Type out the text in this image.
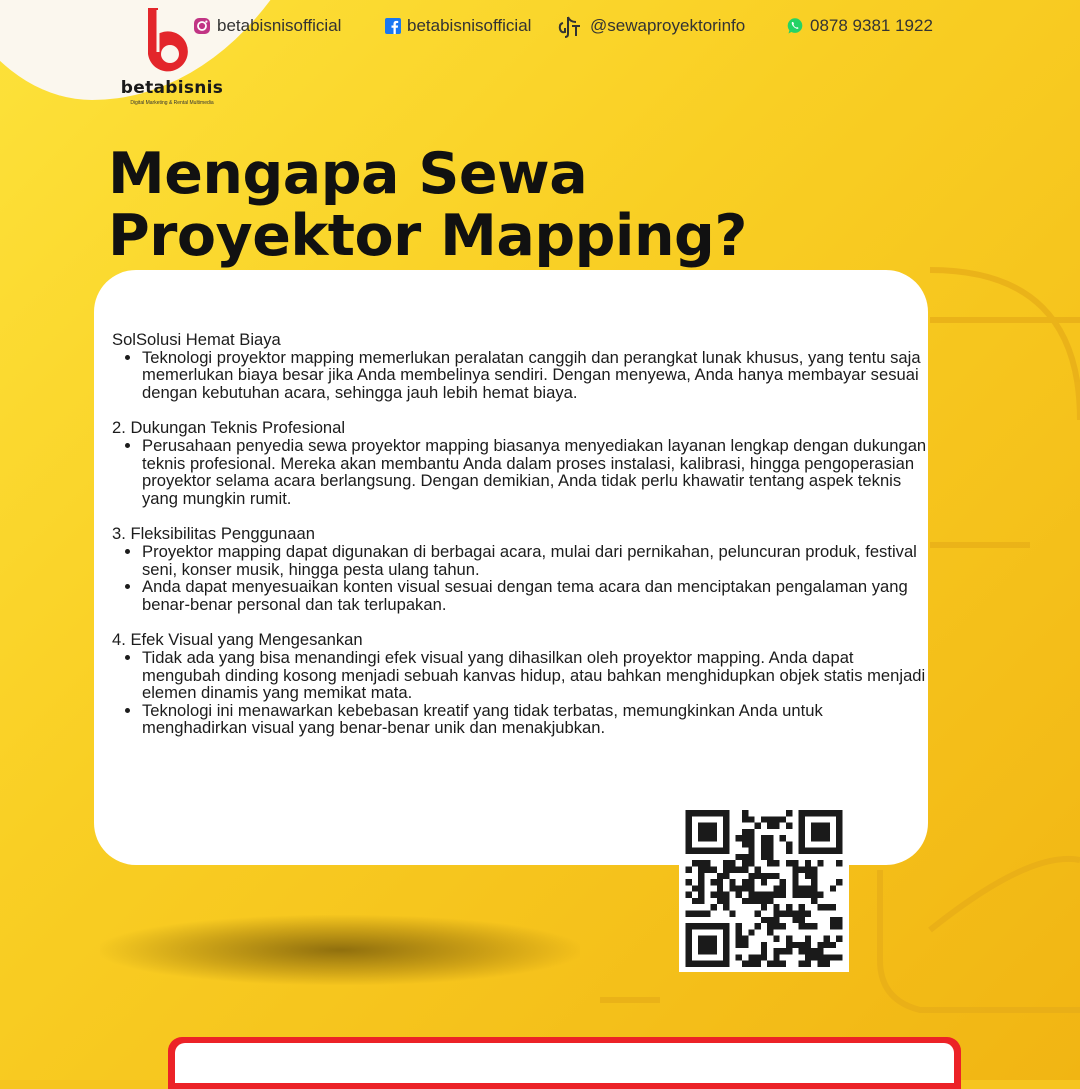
betabisnis
Digital Marketing & Rental Multimedia
Mengapa Sewa
Proyektor Mapping?
SolSolusi Hemat Biaya
• Teknologi proyektor mapping memerlukan peralatan canggih dan perangkat lunak khusus, yang tentu saja memerlukan biaya besar jika Anda membelinya sendiri. Dengan menyewa, Anda hanya membayar sesuai dengan kebutuhan acara, sehingga jauh lebih hemat biaya.
2. Dukungan Teknis Profesional
• Perusahaan penyedia sewa proyektor mapping biasanya menyediakan layanan lengkap dengan dukungan teknis profesional. Mereka akan membantu Anda dalam proses instalasi, kalibrasi, hingga pengoperasian proyektor selama acara berlangsung. Dengan demikian, Anda tidak perlu khawatir tentang aspek teknis yang mungkin rumit.
3. Fleksibilitas Penggunaan
• Proyektor mapping dapat digunakan di berbagai acara, mulai dari pernikahan, peluncuran produk, festival seni, konser musik, hingga pesta ulang tahun.
• Anda dapat menyesuaikan konten visual sesuai dengan tema acara dan menciptakan pengalaman yang benar-benar personal dan tak terlupakan.
4. Efek Visual yang Mengesankan
• Tidak ada yang bisa menandingi efek visual yang dihasilkan oleh proyektor mapping. Anda dapat mengubah dinding kosong menjadi sebuah kanvas hidup, atau bahkan menghidupkan objek statis menjadi elemen dinamis yang memikat mata.
• Teknologi ini menawarkan kebebasan kreatif yang tidak terbatas, memungkinkan Anda untuk menghadirkan visual yang benar-benar unik dan menakjubkan.
betabisnisofficial	betabisnisofficial	@sewaproyektorinfo	0878 9381 1922
